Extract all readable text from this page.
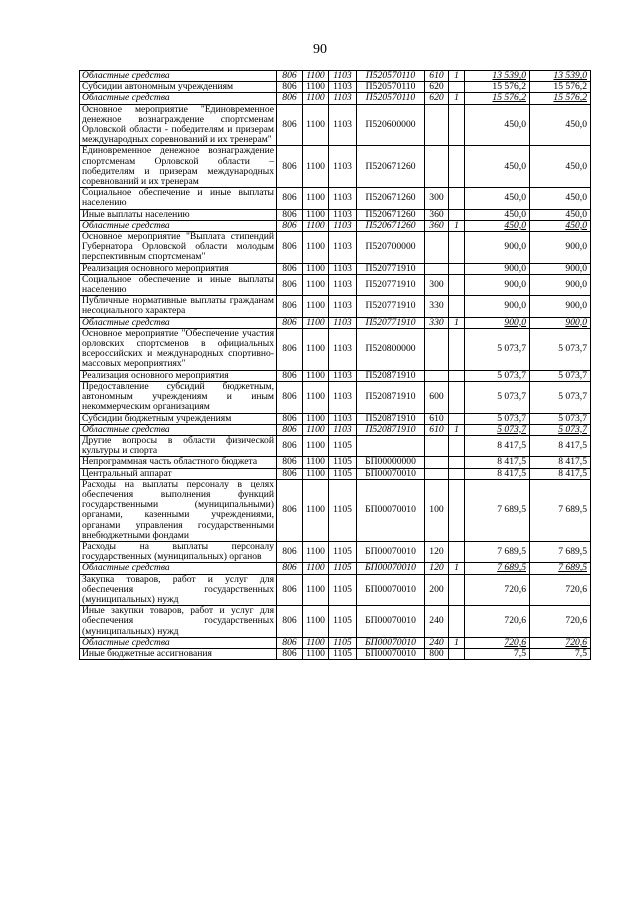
90
Областные средства	806	1100	1103	П520570110	610	1	13 539,0	13 539,0
Субсидии автономным учреждениям	806	1100	1103	П520570110	620		15 576,2	15 576,2
Областные средства	806	1100	1103	П520570110	620	1	15 576,2	15 576,2
Основное мероприятие "Единовременное денежное вознаграждение спортсменам Орловской области - победителям и призерам международных соревнований и их тренерам"	806	1100	1103	П520600000			450,0	450,0
Единовременное денежное вознаграждение спортсменам Орловской области – победителям и призерам международных соревнований и их тренерам	806	1100	1103	П520671260			450,0	450,0
Социальное обеспечение и иные выплаты населению	806	1100	1103	П520671260	300		450,0	450,0
Иные выплаты населению	806	1100	1103	П520671260	360		450,0	450,0
Областные средства	806	1100	1103	П520671260	360	1	450,0	450,0
Основное мероприятие "Выплата стипендий Губернатора Орловской области молодым перспективным спортсменам"	806	1100	1103	П520700000			900,0	900,0
Реализация основного мероприятия	806	1100	1103	П520771910			900,0	900,0
Социальное обеспечение и иные выплаты населению	806	1100	1103	П520771910	300		900,0	900,0
Публичные нормативные выплаты гражданам несоциального характера	806	1100	1103	П520771910	330		900,0	900,0
Областные средства	806	1100	1103	П520771910	330	1	900,0	900,0
Основное мероприятие "Обеспечение участия орловских спортсменов в официальных всероссийских и международных спортивно-массовых мероприятиях"	806	1100	1103	П520800000			5 073,7	5 073,7
Реализация основного мероприятия	806	1100	1103	П520871910			5 073,7	5 073,7
Предоставление субсидий бюджетным, автономным учреждениям и иным некоммерческим организациям	806	1100	1103	П520871910	600		5 073,7	5 073,7
Субсидии бюджетным учреждениям	806	1100	1103	П520871910	610		5 073,7	5 073,7
Областные средства	806	1100	1103	П520871910	610	1	5 073,7	5 073,7
Другие вопросы в области физической культуры и спорта	806	1100	1105				8 417,5	8 417,5
Непрограммная часть областного бюджета	806	1100	1105	БП00000000			8 417,5	8 417,5
Центральный аппарат	806	1100	1105	БП00070010			8 417,5	8 417,5
Расходы на выплаты персоналу в целях обеспечения выполнения функций государственными (муниципальными) органами, казенными учреждениями, органами управления государственными внебюджетными фондами	806	1100	1105	БП00070010	100		7 689,5	7 689,5
Расходы на выплаты персоналу государственных (муниципальных) органов	806	1100	1105	БП00070010	120		7 689,5	7 689,5
Областные средства	806	1100	1105	БП00070010	120	1	7 689,5	7 689,5
Закупка товаров, работ и услуг для обеспечения государственных (муниципальных) нужд	806	1100	1105	БП00070010	200		720,6	720,6
Иные закупки товаров, работ и услуг для обеспечения государственных (муниципальных) нужд	806	1100	1105	БП00070010	240		720,6	720,6
Областные средства	806	1100	1105	БП00070010	240	1	720,6	720,6
Иные бюджетные ассигнования	806	1100	1105	БП00070010	800		7,5	7,5
